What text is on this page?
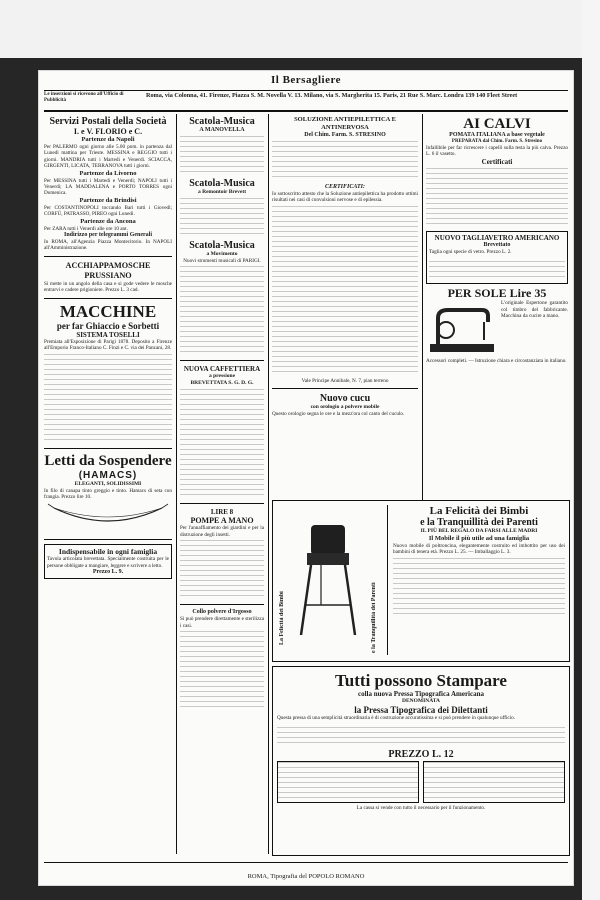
Il Bersagliere
Le inserzioni si ricevono all'Ufficio di Pubblicità
Roma, via Colonna, 41. Firenze, Piazza S. M. Novella V. 13. Milano, via S. Margherita 15. Paris, 21 Rue S. Marc. Londra 139 140 Fleet Street

Servizi Postali della Società

I. e V. FLORIO e C.

Partenze da Napoli

Per PALERMO ogni giorno alle 5.00 pom. in partenza dal Lunedì mattina per Trieste. MESSINA e REGGIO tutti i giorni. MANDRIA tutti i Martedì e Venerdì. SCIACCA, GIRGENTI, LICATA, TERRANOVA tutti i giorni.

Partenze da Livorno

Per MESSINA tutti i Martedì e Venerdì; NAPOLI tutti i Venerdì; LA MADDALENA e PORTO TORRES ogni Domenica.

Partenze da Brindisi

Per COSTANTINOPOLI toccando Bari tutti i Giovedì; CORFÙ, PATRASSO, PIREO ogni Lunedì.

Partenze da Ancona

Per ZARA tutti i Venerdì alle ore 10 ant.

Indirizzo per telegrammi Generali

In ROMA, all'Agenzia Piazza Montecitorio. In NAPOLI all'Amministrazione.

ACCHIAPPAMOSCHE PRUSSIANO

Si mette in un angolo della casa e si gode vedere le mosche entrarvi e cadere prigioniere. Prezzo L. 3 cad.

MACCHINE

per far Ghiaccio e Sorbetti

SISTEMA TOSELLI

Premiata all'Esposizione di Parigi 1878. Deposito a Firenze all'Emporio Franco-Italiano C. Finzi e C. via dei Panzani, 28.

Letti da Sospendere

(HAMACS)

ELEGANTI, SOLIDISSIMI

In filo di canapa tinto greggio e tinto. Hamacs di seta con frangia. Prezzo lire 10.

Indispensabile in ogni famiglia

Tavola articolata brevettata. Specialmente costruita per le persone obbligate a mangiare, leggere e scrivere a letto.

Prezzo L. 9.

Scatola-Musica

A MANOVELLA

Scatola-Musica

a Remontoir Brevett

Scatola-Musica

a Movimento

Nuovi strumenti musicali di PARIGI.

NUOVA CAFFETTIERA

a pressione

BREVETTATA S. G. D. G.

LIRE 8

POMPE A MANO

Per l'annaffiamento dei giardini e per la distruzione degli insetti.

Collo polvere d'Irgosso

Si può prendere direttamente e sterilizza i casi.

SOLUZIONE ANTIEPILETTICA E ANTINERVOSA

Del Chim. Farm. S. STRESINO

CERTIFICATI:

Io sottoscritto attesto che la Soluzione antiepilettica ha prodotto ottimi risultati nei casi di convulsioni nervose e di epilessia.

Vale Principe Annibale, N. 7, pian terreno

Nuovo cucu

con orologio a polvere mobile

Questo orologio segna le ore e la mezz'ora col canto del cuculo.

AI CALVI

POMATA ITALIANA a base vegetale

PREPARATA dal Chim. Farm. S. Stresino

Infallibile per far ricrescere i capelli sulla testa la più calva. Prezzo L. 6 il vasetto.

Certificati

NUOVO TAGLIAVETRO AMERICANO

Brevettato

Taglia ogni specie di vetro. Prezzo L. 2.

PER SOLE Lire 35

L'originale Espertone garantito col timbro del fabbricante. Macchina da cucire a mano.

Accessori completi. — Istruzione chiara e circostanziata in italiano.

La Felicità dei Bimbi	e la Tranquillità dei Parenti

La Felicità dei Bimbi

e la Tranquillità dei Parenti

IL PIÙ BEL REGALO DA FARSI ALLE MADRI

Il Mobile il più utile ad una famiglia

Nuovo mobile di poltroncina, elegantemente costruito ed imbottito per uso dei bambini di tenera età. Prezzo L. 25. — Imballaggio L. 3.

Tutti possono Stampare

colla nuova Pressa Tipografica Americana

DENOMINATA

la Pressa Tipografica dei Dilettanti

Questa pressa di una semplicità straordinaria è di costruzione accuratissima e si può prendere in qualunque ufficio.

PREZZO L. 12

La cassa si vende con tutto il necessario per il funzionamento.

ROMA, Tipografia del POPOLO ROMANO
